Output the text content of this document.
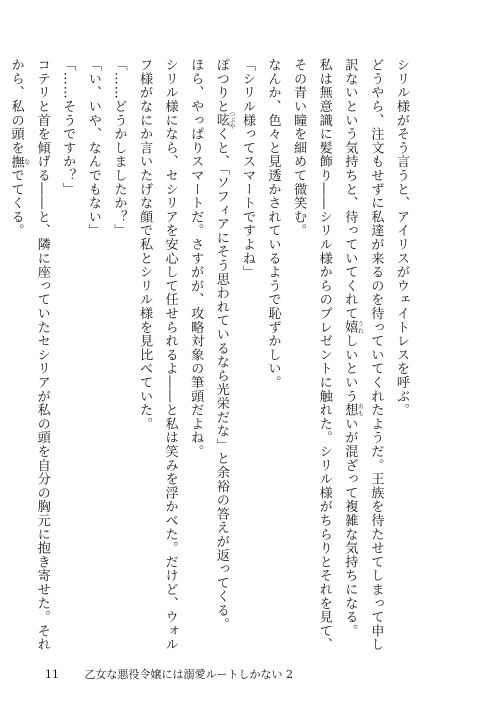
シリル様がそう言うと、アイリスがウェイトレスを呼ぶ。
どうやら、注文もせずに私達が来るのを待っていてくれたようだ。王族を待たせてしまって申し
訳ないという気持ちと、待っていてくれて嬉 うれしいという想 おもいが混ざって複雑な気持ちになる。
私は無意識に髪飾り――シリル様からのプレゼントに触れた。シリル様がちらりとそれを見て、
その青い瞳を細めて微笑む。
なんか、色々と見透かされているようで恥ずかしい。
「シリル様ってスマートですよね」
ぽつりと呟 つぶやくと、「ソフィアにそう思われているなら光栄だな」と余裕の答えが返ってくる。
ほら、やっぱりスマートだ。さすがが、攻略対象の筆頭だよね。
シリル様になら、セシリアを安心して任せられるよ――と私は笑みを浮かべた。だけど、ウォル
フ様がなにか言いたげな顔で私とシリル様を見比べていた。
「……どうかしましたか？」
「い、いや、なんでもない」
「……そうですか？」
コテリと首を傾げる――と、隣に座っていたセシリアが私の頭を自分の胸元に抱き寄せた。それ
から、私の頭を撫 なでてくる。
11 乙女な悪役令嬢には溺愛ルートしかない 2
